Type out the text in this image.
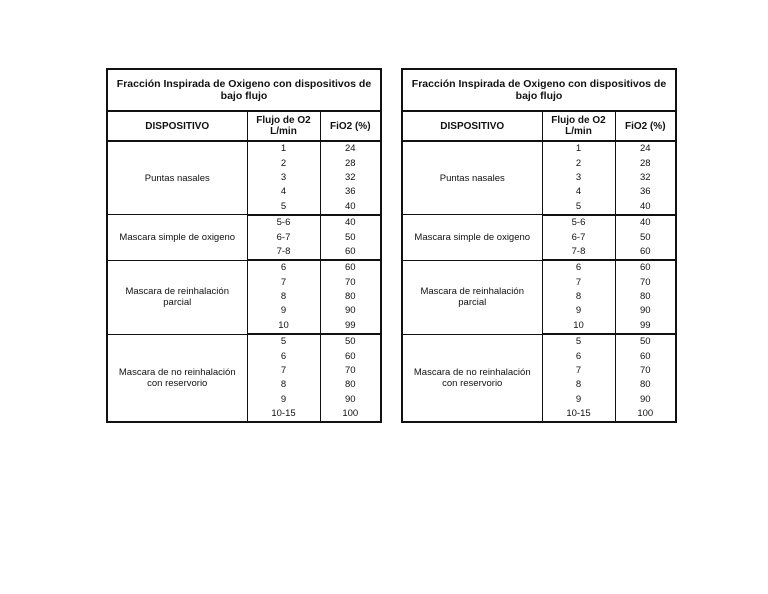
Fracción Inspirada de Oxigeno con dispositivos de bajo flujo		
DISPOSITIVO	Flujo de O2 L/min	FiO2 (%)
Puntas nasales	1	24
	2	28
	3	32
	4	36
	5	40
Mascara simple de oxigeno	5-6	40
	6-7	50
	7-8	60
Mascara de reinhalación parcial	6	60
	7	70
	8	80
	9	90
	10	99
Mascara de no reinhalación con reservorio	5	50
	6	60
	7	70
	8	80
	9	90
	10-15	100
Fracción Inspirada de Oxigeno con dispositivos de bajo flujo		
DISPOSITIVO	Flujo de O2 L/min	FiO2 (%)
Puntas nasales	1	24
	2	28
	3	32
	4	36
	5	40
Mascara simple de oxigeno	5-6	40
	6-7	50
	7-8	60
Mascara de reinhalación parcial	6	60
	7	70
	8	80
	9	90
	10	99
Mascara de no reinhalación con reservorio	5	50
	6	60
	7	70
	8	80
	9	90
	10-15	100
